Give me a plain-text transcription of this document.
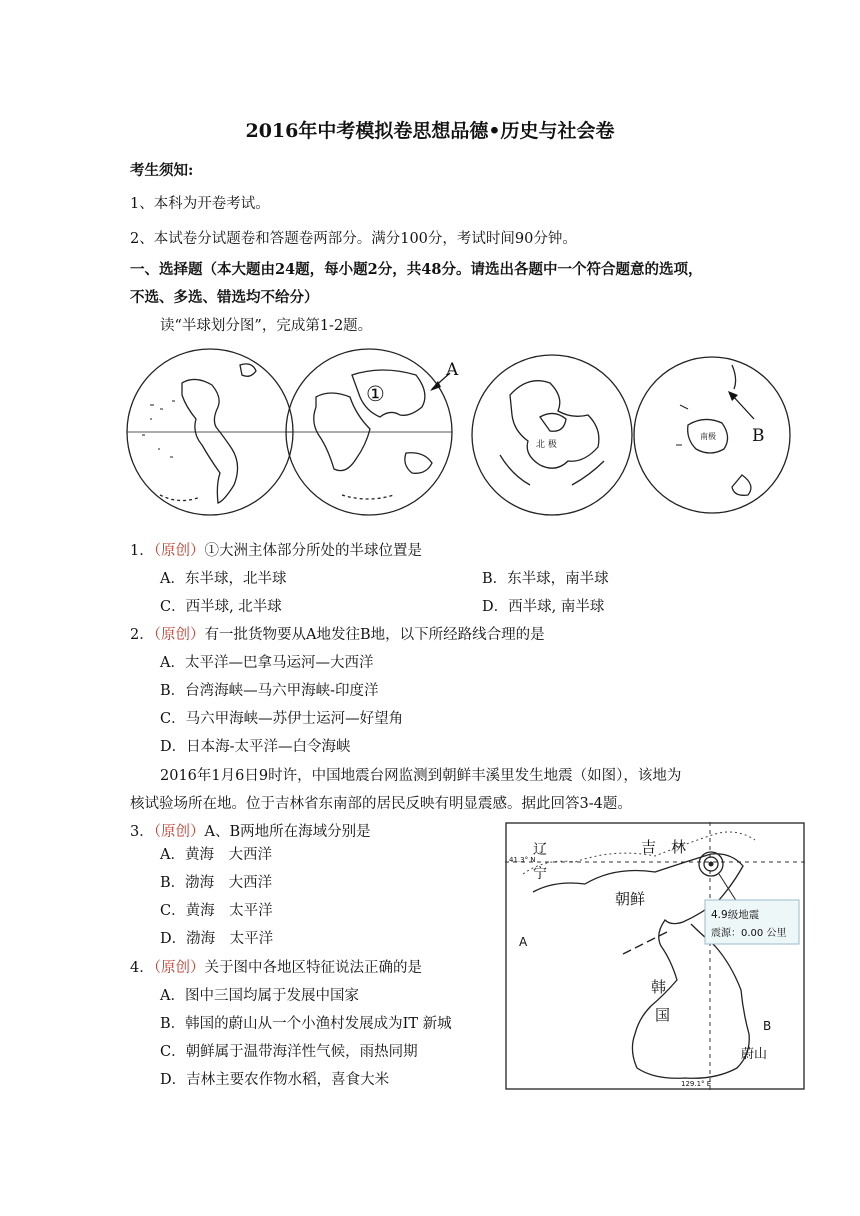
2016年中考模拟卷思想品德•历史与社会卷
考生须知:
1、本科为开卷考试。
2、本试卷分试题卷和答题卷两部分。满分100分，考试时间90分钟。
一、选择题（本大题由24题，每小题2分，共48分。请选出各题中一个符合题意的选项，
不选、多选、错选均不给分）
读“半球划分图”，完成第1-2题。
①
A
北 极
南极 B
1．（原创）①大洲主体部分所处的半球位置是
A．东半球，北半球	B．东半球，南半球
C．西半球, 北半球	D．西半球, 南半球
2．（原创）有一批货物要从A地发往B地，以下所经路线合理的是
A．太平洋—巴拿马运河—大西洋
B．台湾海峡—马六甲海峡-印度洋
C．马六甲海峡—苏伊士运河—好望角
D．日本海-太平洋—白令海峡
2016年1月6日9时许，中国地震台网监测到朝鲜丰溪里发生地震（如图），该地为
核试验场所在地。位于吉林省东南部的居民反映有明显震感。据此回答3-4题。
3．（原创）A、B两地所在海域分别是
A．黄海　大西洋
B．渤海　大西洋
C．黄海　太平洋
D．渤海　太平洋
4．（原创）关于图中各地区特征说法正确的是
A．图中三国均属于发展中国家
B．韩国的蔚山从一个小渔村发展成为IT 新城
C．朝鲜属于温带海洋性气候，雨热同期
D．吉林主要农作物水稻，喜食大米
4.9级地震
震源：0.00 公里
吉　林
辽
宁
41.3° N
朝鲜
韩
国
蔚山
A
B
129.1° E
